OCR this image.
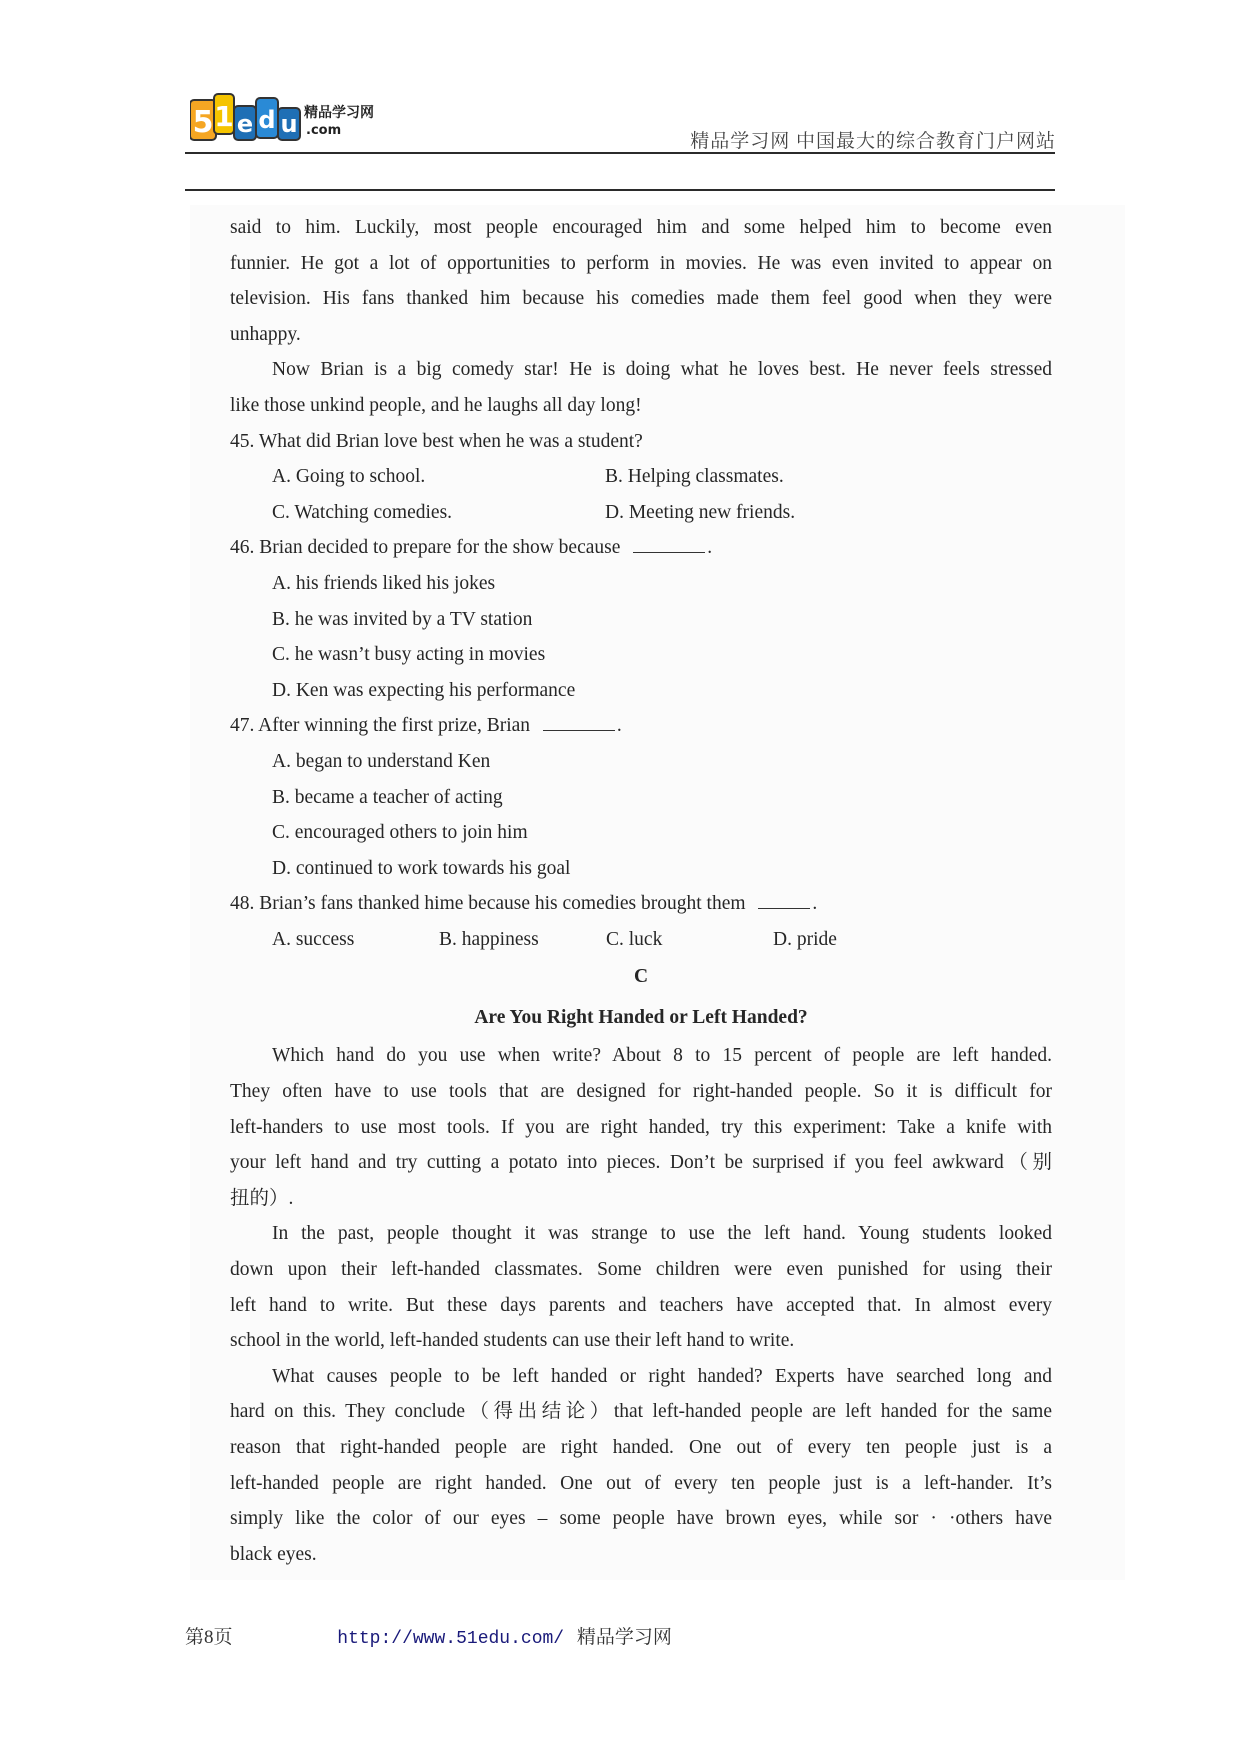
5 1 e d u 精品学习网
.com
精品学习网 中国最大的综合教育门户网站
said to him. Luckily, most people encouraged him and some helped him to become even
funnier. He got a lot of opportunities to perform in movies. He was even invited to appear on
television. His fans thanked him because his comedies made them feel good when they were
unhappy.
Now Brian is a big comedy star! He is doing what he loves best. He never feels stressed
like those unkind people, and he laughs all day long!
45. What did Brian love best when he was a student?
A. Going to school.	B. Helping classmates.
C. Watching comedies.	D. Meeting new friends.
46. Brian decided to prepare for the show because	.
A. his friends liked his jokes
B. he was invited by a TV station
C. he wasn’t busy acting in movies
D. Ken was expecting his performance
47. After winning the first prize, Brian	.
A. began to understand Ken
B. became a teacher of acting
C. encouraged others to join him
D. continued to work towards his goal
48. Brian’s fans thanked hime because his comedies brought them	.
A. success	B. happiness	C. luck	D. pride
C
Are You Right Handed or Left Handed?
Which hand do you use when write? About 8 to 15 percent of people are left handed.
They often have to use tools that are designed for right-handed people. So it is difficult for
left-handers to use most tools. If you are right handed, try this experiment: Take a knife with
your left hand and try cutting a potato into pieces. Don’t be surprised if you feel awkward（别
扭的）.
In the past, people thought it was strange to use the left hand. Young students looked
down upon their left-handed classmates. Some children were even punished for using their
left hand to write. But these days parents and teachers have accepted that. In almost every
school in the world, left-handed students can use their left hand to write.
What causes people to be left handed or right handed? Experts have searched long and
hard on this. They conclude（得出结论）that left-handed people are left handed for the same
reason that right-handed people are right handed. One out of every ten people just is a
left-handed people are right handed. One out of every ten people just is a left-hander. It’s
simply like the color of our eyes – some people have brown eyes, while sor · ·others have
black eyes.
第8页	http://www.51edu.com/ 精品学习网
